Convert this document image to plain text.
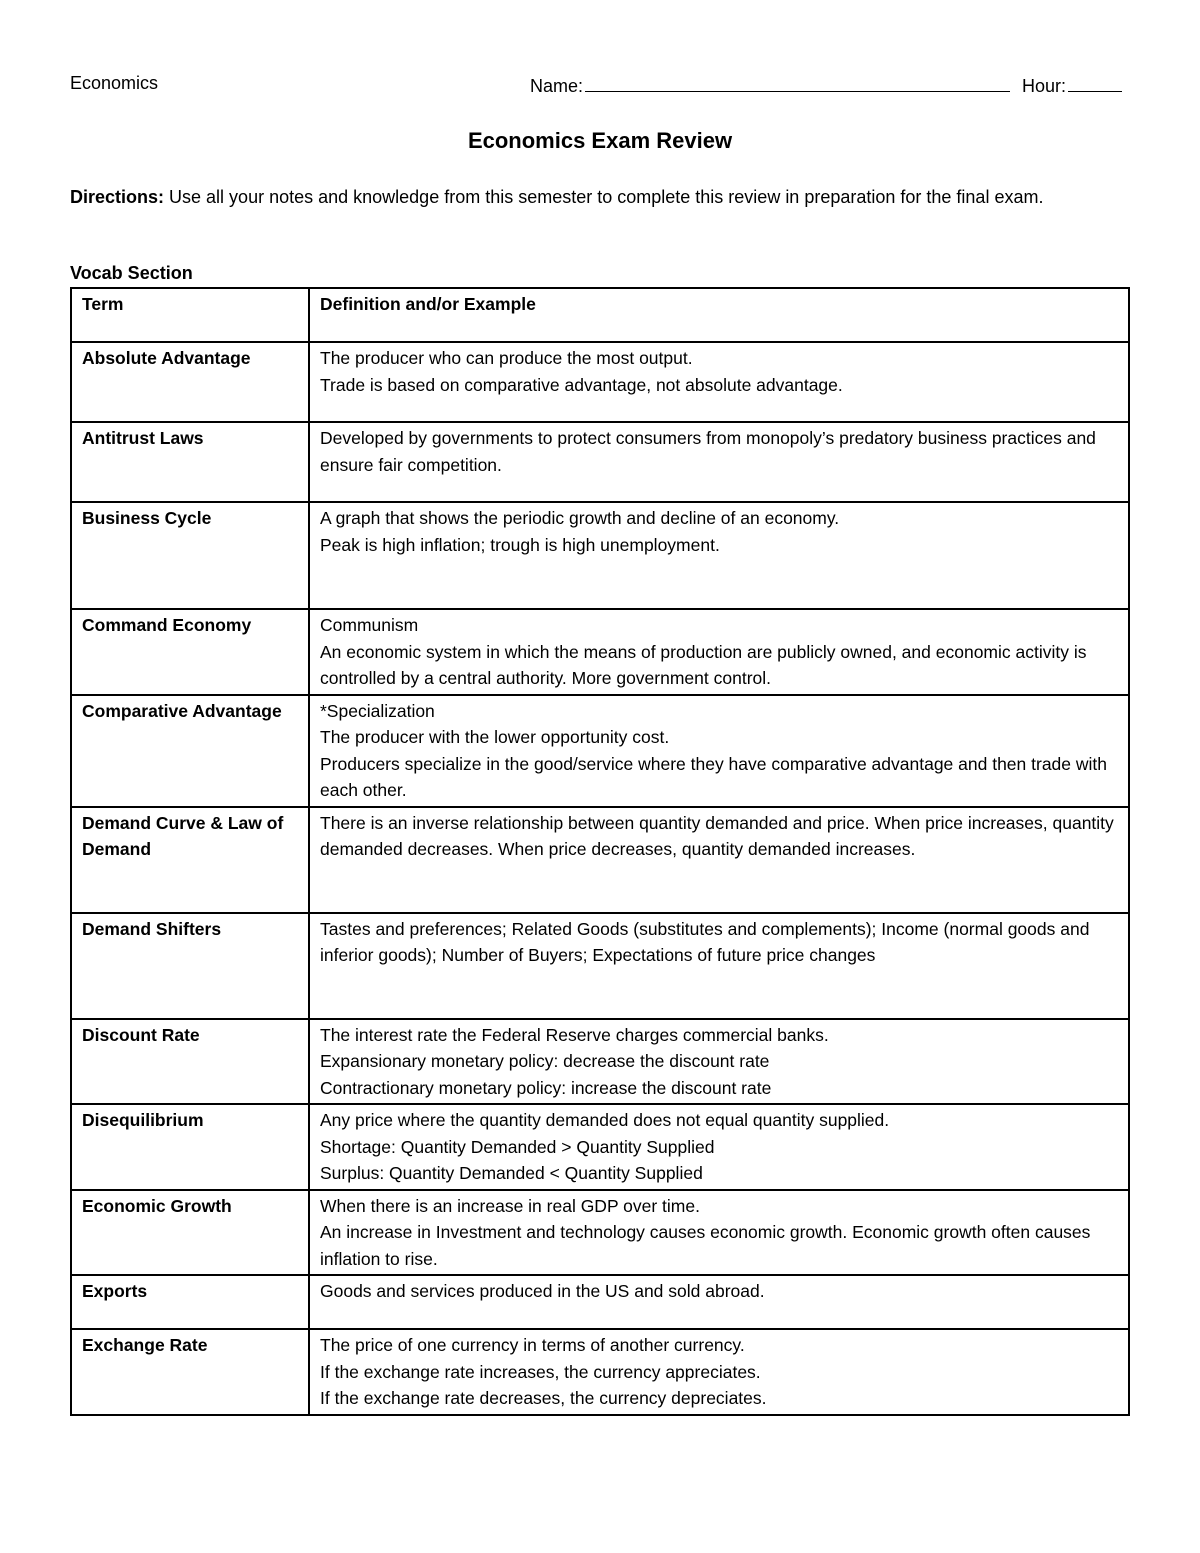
Economics	Name:	Hour:
Economics Exam Review
Directions: Use all your notes and knowledge from this semester to complete this review in preparation for the final exam.
Vocab Section
Term	Definition and/or Example
Absolute Advantage	The producer who can produce the most output.
Trade is based on comparative advantage, not absolute advantage.

Antitrust Laws	Developed by governments to protect consumers from monopoly’s predatory business practices and ensure fair competition.

Business Cycle	A graph that shows the periodic growth and decline of an economy.
Peak is high inflation; trough is high unemployment.

Command Economy	Communism
An economic system in which the means of production are publicly owned, and economic activity is controlled by a central authority. More government control.

Comparative Advantage	*Specialization
The producer with the lower opportunity cost.
Producers specialize in the good/service where they have comparative advantage and then trade with each other.

Demand Curve & Law of Demand	There is an inverse relationship between quantity demanded and price. When price increases, quantity demanded decreases. When price decreases, quantity demanded increases.

Demand Shifters	Tastes and preferences; Related Goods (substitutes and complements); Income (normal goods and inferior goods); Number of Buyers; Expectations of future price changes

Discount Rate	The interest rate the Federal Reserve charges commercial banks.
Expansionary monetary policy: decrease the discount rate
Contractionary monetary policy: increase the discount rate

Disequilibrium	Any price where the quantity demanded does not equal quantity supplied.
Shortage: Quantity Demanded > Quantity Supplied
Surplus: Quantity Demanded < Quantity Supplied

Economic Growth	When there is an increase in real GDP over time.
An increase in Investment and technology causes economic growth. Economic growth often causes inflation to rise.

Exports	Goods and services produced in the US and sold abroad.

Exchange Rate	The price of one currency in terms of another currency.
If the exchange rate increases, the currency appreciates.
If the exchange rate decreases, the currency depreciates.
